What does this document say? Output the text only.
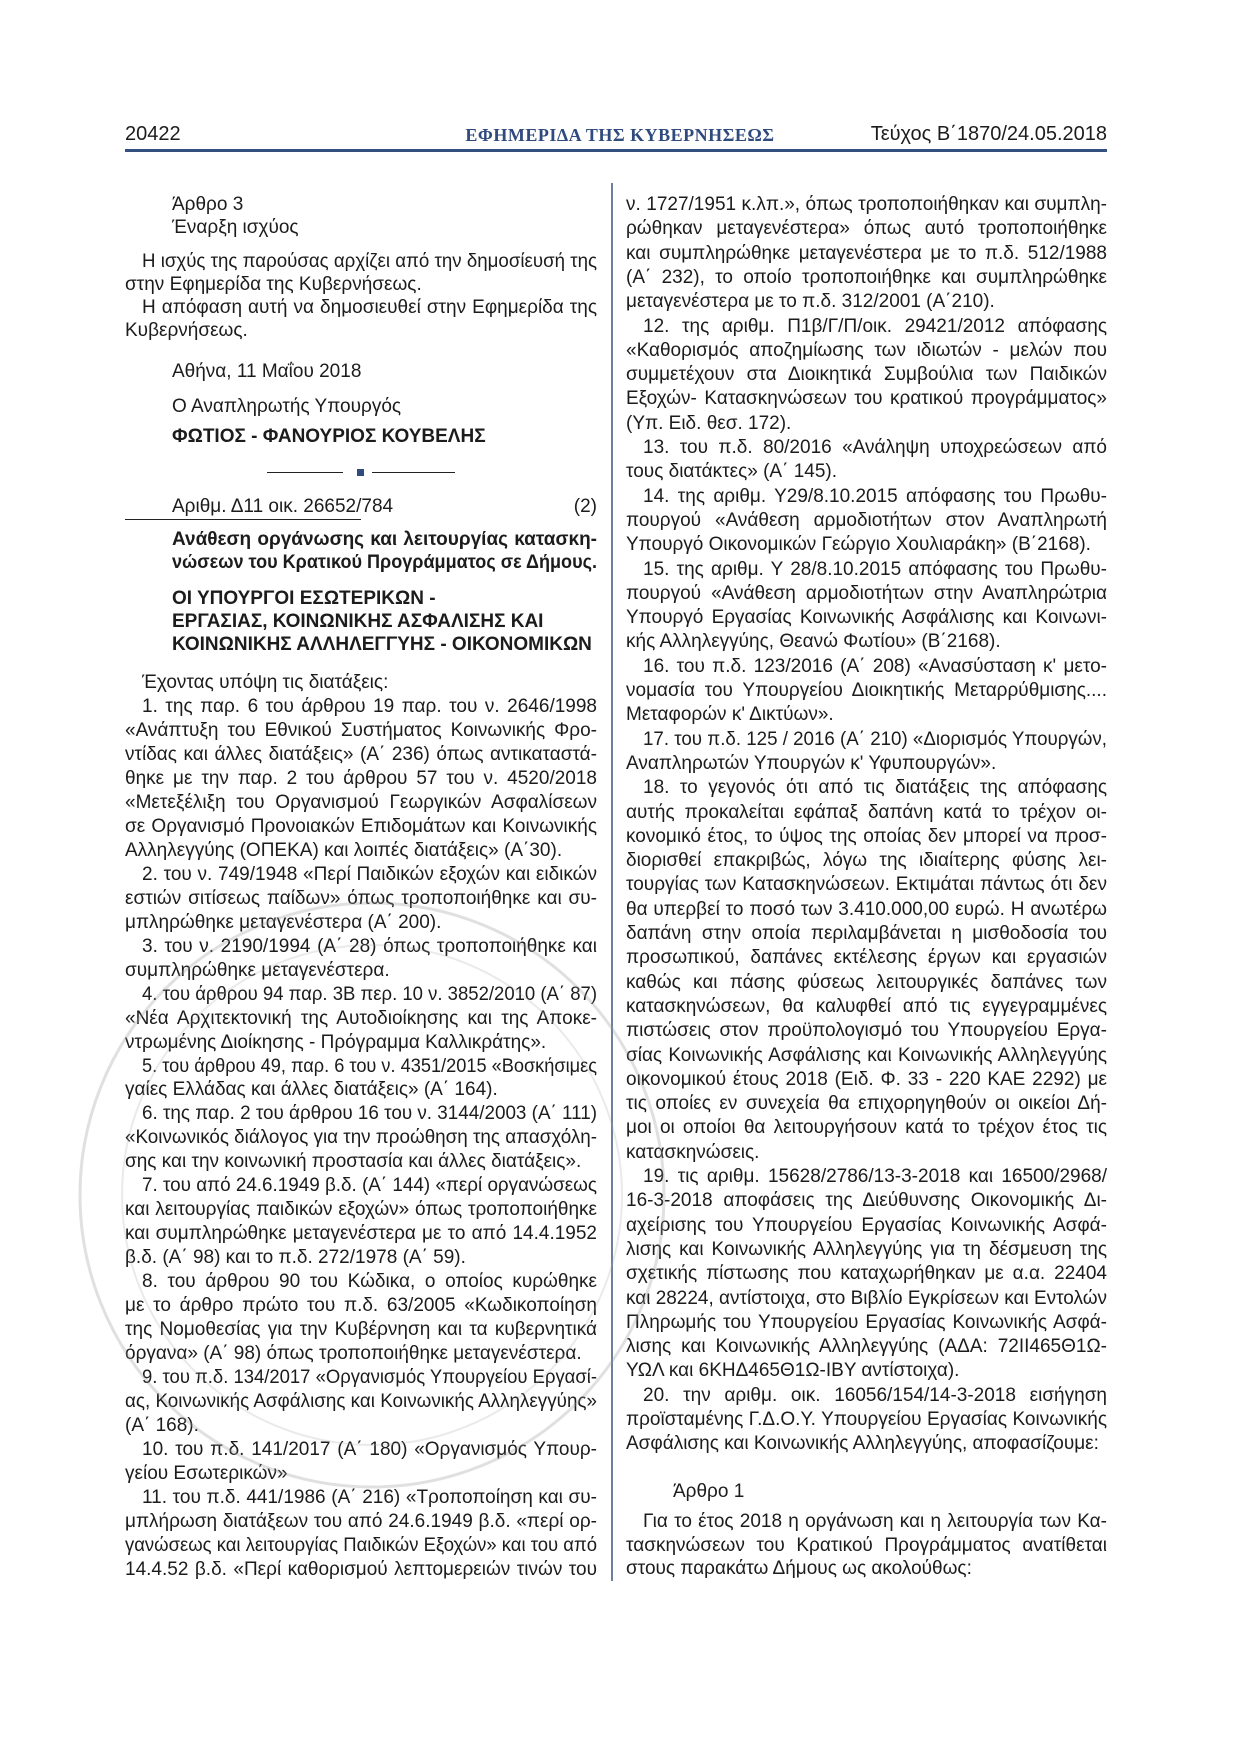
20422	ΕΦΗΜΕΡΙΔΑ ΤΗΣ ΚΥΒΕΡΝΗΣΕΩΣ	Τεύχος Β΄1870/24.05.2018
Άρθρο 3
Έναρξη ισχύος
Η ισχύς της παρούσας αρχίζει από την δημοσίευσή της
στην Εφημερίδα της Κυβερνήσεως.
Η απόφαση αυτή να δημοσιευθεί στην Εφημερίδα της
Κυβερνήσεως.
Αθήνα, 11 Μαΐου 2018
Ο Αναπληρωτής Υπουργός
ΦΩΤΙΟΣ - ΦΑΝΟΥΡΙΟΣ ΚΟΥΒΕΛΗΣ
Αριθμ. Δ11 οικ. 26652/784	(2)
Ανάθεση οργάνωσης και λειτουργίας κατασκη-
νώσεων του Κρατικού Προγράμματος σε Δήμους.
ΟΙ ΥΠΟΥΡΓΟΙ ΕΣΩΤΕΡΙΚΩΝ -
ΕΡΓΑΣΙΑΣ, ΚΟΙΝΩΝΙΚΗΣ ΑΣΦΑΛΙΣΗΣ ΚΑΙ
ΚΟΙΝΩΝΙΚΗΣ ΑΛΛΗΛΕΓΓΥΗΣ - ΟΙΚΟΝΟΜΙΚΩΝ
Έχοντας υπόψη τις διατάξεις:
1. της παρ. 6 του άρθρου 19 παρ. του ν. 2646/1998
«Ανάπτυξη του Εθνικού Συστήματος Κοινωνικής Φρο-
ντίδας και άλλες διατάξεις» (Α΄ 236) όπως αντικαταστά-
θηκε με την παρ. 2 του άρθρου 57 του ν. 4520/2018
«Μετεξέλιξη του Οργανισμού Γεωργικών Ασφαλίσεων
σε Οργανισμό Προνοιακών Επιδομάτων και Κοινωνικής
Αλληλεγγύης (ΟΠΕΚΑ) και λοιπές διατάξεις» (Α΄30).
2. του ν. 749/1948 «Περί Παιδικών εξοχών και ειδικών
εστιών σιτίσεως παίδων» όπως τροποποιήθηκε και συ-
μπληρώθηκε μεταγενέστερα (Α΄ 200).
3. του ν. 2190/1994 (Α΄ 28) όπως τροποποιήθηκε και
συμπληρώθηκε μεταγενέστερα.
4. του άρθρου 94 παρ. 3Β περ. 10 ν. 3852/2010 (Α΄ 87)
«Νέα Αρχιτεκτονική της Αυτοδιοίκησης και της Αποκε-
ντρωμένης Διοίκησης - Πρόγραμμα Καλλικράτης».
5. του άρθρου 49, παρ. 6 του ν. 4351/2015 «Βοσκήσιμες
γαίες Ελλάδας και άλλες διατάξεις» (Α΄ 164).
6. της παρ. 2 του άρθρου 16 του ν. 3144/2003 (Α΄ 111)
«Κοινωνικός διάλογος για την προώθηση της απασχόλη-
σης και την κοινωνική προστασία και άλλες διατάξεις».
7. του από 24.6.1949 β.δ. (Α΄ 144) «περί οργανώσεως
και λειτουργίας παιδικών εξοχών» όπως τροποποιήθηκε
και συμπληρώθηκε μεταγενέστερα με το από 14.4.1952
β.δ. (Α΄ 98) και το π.δ. 272/1978 (Α΄ 59).
8. του άρθρου 90 του Κώδικα, ο οποίος κυρώθηκε
με το άρθρο πρώτο του π.δ. 63/2005 «Κωδικοποίηση
της Νομοθεσίας για την Κυβέρνηση και τα κυβερνητικά
όργανα» (Α΄ 98) όπως τροποποιήθηκε μεταγενέστερα.
9. του π.δ. 134/2017 «Οργανισμός Υπουργείου Εργασί-
ας, Κοινωνικής Ασφάλισης και Κοινωνικής Αλληλεγγύης»
(Α΄ 168).
10. του π.δ. 141/2017 (Α΄ 180) «Οργανισμός Υπουρ-
γείου Εσωτερικών»
11. του π.δ. 441/1986 (Α΄ 216) «Τροποποίηση και συ-
μπλήρωση διατάξεων του από 24.6.1949 β.δ. «περί ορ-
γανώσεως και λειτουργίας Παιδικών Εξοχών» και του από
14.4.52 β.δ. «Περί καθορισμού λεπτομερειών τινών του
ν. 1727/1951 κ.λπ.», όπως τροποποιήθηκαν και συμπλη-
ρώθηκαν μεταγενέστερα» όπως αυτό τροποποιήθηκε
και συμπληρώθηκε μεταγενέστερα με το π.δ. 512/1988
(Α΄ 232), το οποίο τροποποιήθηκε και συμπληρώθηκε
μεταγενέστερα με το π.δ. 312/2001 (Α΄210).
12. της αριθμ. Π1β/Γ/Π/οικ. 29421/2012 απόφασης
«Καθορισμός αποζημίωσης των ιδιωτών - μελών που
συμμετέχουν στα Διοικητικά Συμβούλια των Παιδικών
Εξοχών- Κατασκηνώσεων του κρατικού προγράμματος»
(Υπ. Ειδ. θεσ. 172).
13. του π.δ. 80/2016 «Ανάληψη υποχρεώσεων από
τους διατάκτες» (Α΄ 145).
14. της αριθμ. Υ29/8.10.2015 απόφασης του Πρωθυ-
πουργού «Ανάθεση αρμοδιοτήτων στον Αναπληρωτή
Υπουργό Οικονομικών Γεώργιο Χουλιαράκη» (Β΄2168).
15. της αριθμ. Υ 28/8.10.2015 απόφασης του Πρωθυ-
πουργού «Ανάθεση αρμοδιοτήτων στην Αναπληρώτρια
Υπουργό Εργασίας Κοινωνικής Ασφάλισης και Κοινωνι-
κής Αλληλεγγύης, Θεανώ Φωτίου» (Β΄2168).
16. του π.δ. 123/2016 (Α΄ 208) «Ανασύσταση κ' μετο-
νομασία του Υπουργείου Διοικητικής Μεταρρύθμισης....
Μεταφορών κ' Δικτύων».
17. του π.δ. 125 / 2016 (Α΄ 210) «Διορισμός Υπουργών,
Αναπληρωτών Υπουργών κ' Υφυπουργών».
18. το γεγονός ότι από τις διατάξεις της απόφασης
αυτής προκαλείται εφάπαξ δαπάνη κατά το τρέχον οι-
κονομικό έτος, το ύψος της οποίας δεν μπορεί να προσ-
διορισθεί επακριβώς, λόγω της ιδιαίτερης φύσης λει-
τουργίας των Κατασκηνώσεων. Εκτιμάται πάντως ότι δεν
θα υπερβεί το ποσό των 3.410.000,00 ευρώ. Η ανωτέρω
δαπάνη στην οποία περιλαμβάνεται η μισθοδοσία του
προσωπικού, δαπάνες εκτέλεσης έργων και εργασιών
καθώς και πάσης φύσεως λειτουργικές δαπάνες των
κατασκηνώσεων, θα καλυφθεί από τις εγγεγραμμένες
πιστώσεις στον προϋπολογισμό του Υπουργείου Εργα-
σίας Κοινωνικής Ασφάλισης και Κοινωνικής Αλληλεγγύης
οικονομικού έτους 2018 (Ειδ. Φ. 33 - 220 ΚΑΕ 2292) με
τις οποίες εν συνεχεία θα επιχορηγηθούν οι οικείοι Δή-
μοι οι οποίοι θα λειτουργήσουν κατά το τρέχον έτος τις
κατασκηνώσεις.
19. τις αριθμ. 15628/2786/13-3-2018 και 16500/2968/
16-3-2018 αποφάσεις της Διεύθυνσης Οικονομικής Δι-
αχείρισης του Υπουργείου Εργασίας Κοινωνικής Ασφά-
λισης και Κοινωνικής Αλληλεγγύης για τη δέσμευση της
σχετικής πίστωσης που καταχωρήθηκαν με α.α. 22404
και 28224, αντίστοιχα, στο Βιβλίο Εγκρίσεων και Εντολών
Πληρωμής του Υπουργείου Εργασίας Κοινωνικής Ασφά-
λισης και Κοινωνικής Αλληλεγγύης (ΑΔΑ: 72ΙΙ465Θ1Ω-
ΥΩΛ και 6ΚΗΔ465Θ1Ω-ΙΒΥ αντίστοιχα).
20. την αριθμ. οικ. 16056/154/14-3-2018 εισήγηση
προϊσταμένης Γ.Δ.Ο.Υ. Υπουργείου Εργασίας Κοινωνικής
Ασφάλισης και Κοινωνικής Αλληλεγγύης, αποφασίζουμε:
Άρθρο 1
Για το έτος 2018 η οργάνωση και η λειτουργία των Κα-
τασκηνώσεων του Κρατικού Προγράμματος ανατίθεται
στους παρακάτω Δήμους ως ακολούθως:
